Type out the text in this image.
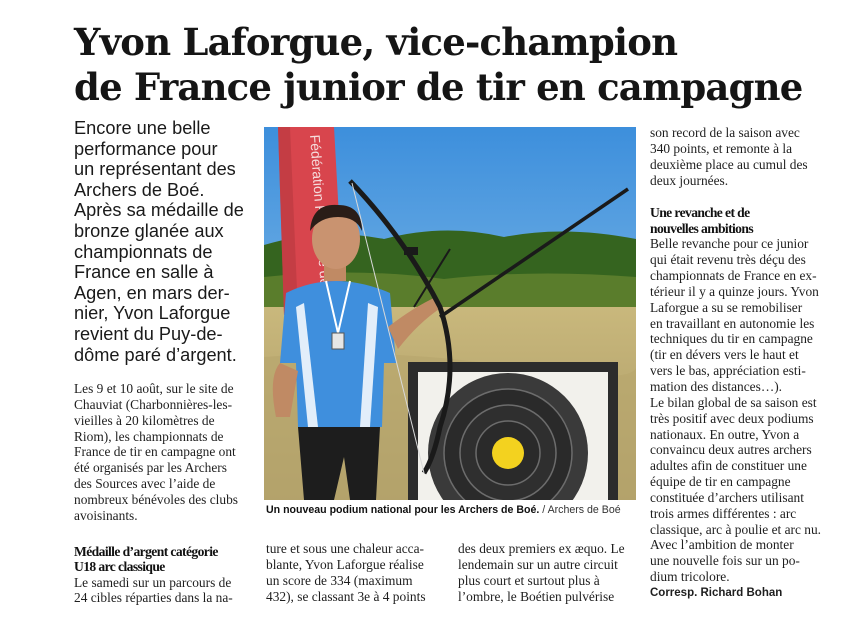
Yvon Laforgue, vice-champion
de France junior de tir en campagne
Encore une belle
performance pour
un représentant des
Archers de Boé.
Après sa médaille de
bronze glanée aux
championnats de
France en salle à
Agen, en mars der-
nier, Yvon Laforgue
revient du Puy-de-
dôme paré d’argent.
Les 9 et 10 août, sur le site de
Chauviat (Charbonnières-les-
vieilles à 20 kilomètres de
Riom), les championnats de
France de tir en campagne ont
été organisés par les Archers
des Sources avec l’aide de
nombreux bénévoles des clubs
avoisinants.
Médaille d’argent catégorie
U18 arc classique
Le samedi sur un parcours de
24 cibles réparties dans la na-
Fédération
Un nouveau podium national pour les Archers de Boé. / Archers de Boé
ture et sous une chaleur acca-
blante, Yvon Laforgue réalise
un score de 334 (maximum
432), se classant 3e à 4 points
des deux premiers ex æquo. Le
lendemain sur un autre circuit
plus court et surtout plus à
l’ombre, le Boétien pulvérise
son record de la saison avec
340 points, et remonte à la
deuxième place au cumul des
deux journées.
Une revanche et de
nouvelles ambitions
Belle revanche pour ce junior
qui était revenu très déçu des
championnats de France en ex-
térieur il y a quinze jours. Yvon
Laforgue a su se remobiliser
en travaillant en autonomie les
techniques du tir en campagne
(tir en dévers vers le haut et
vers le bas, appréciation esti-
mation des distances…).
Le bilan global de sa saison est
très positif avec deux podiums
nationaux. En outre, Yvon a
convaincu deux autres archers
adultes afin de constituer une
équipe de tir en campagne
constituée d’archers utilisant
trois armes différentes : arc
classique, arc à poulie et arc nu.
Avec l’ambition de monter
une nouvelle fois sur un po-
dium tricolore.
Corresp. Richard Bohan
